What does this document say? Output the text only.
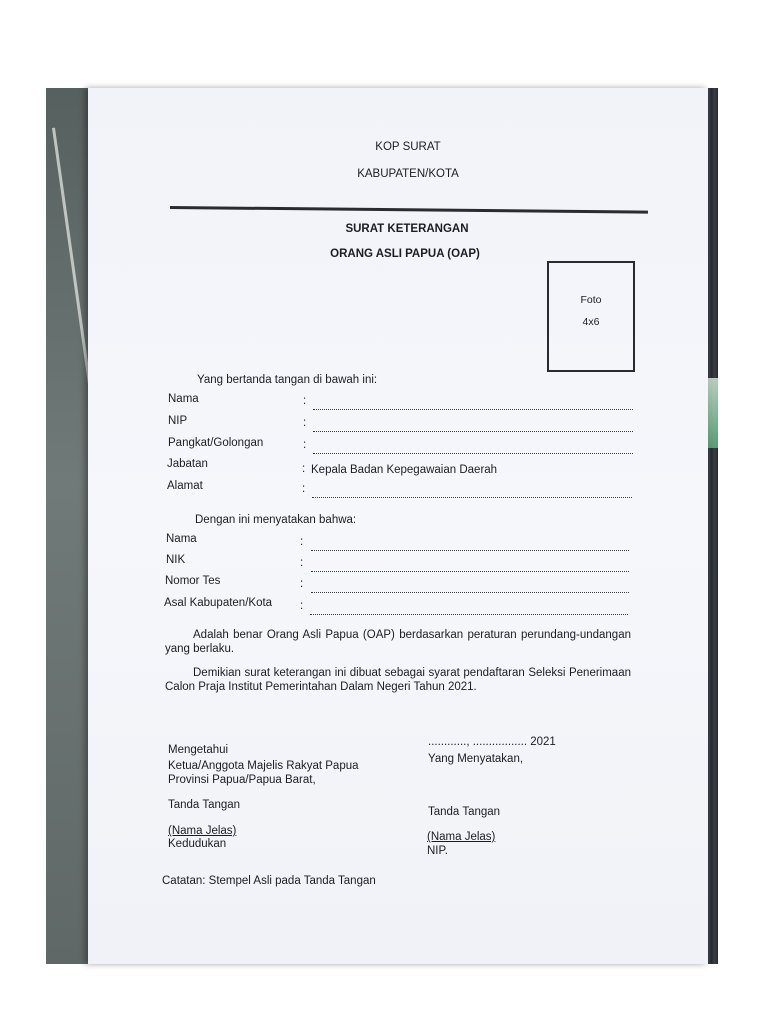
KOP SURAT
KABUPATEN/KOTA
SURAT KETERANGAN
ORANG ASLI PAPUA (OAP)
Foto
4x6
Yang bertanda tangan di bawah ini:
Nama	:
NIP	:
Pangkat/Golongan	:
Jabatan	: Kepala Badan Kepegawaian Daerah
Alamat	:
Dengan ini menyatakan bahwa:
Nama	:
NIK	:
Nomor Tes	:
Asal Kabupaten/Kota :
Adalah benar Orang Asli Papua (OAP) berdasarkan peraturan perundang-undangan yang berlaku.
Demikian surat keterangan ini dibuat sebagai syarat pendaftaran Seleksi Penerimaan Calon Praja Institut Pemerintahan Dalam Negeri Tahun 2021.
Mengetahui
Ketua/Anggota Majelis Rakyat Papua
Provinsi Papua/Papua Barat,
Tanda Tangan
(Nama Jelas)
Kedudukan
............, ................. 2021
Yang Menyatakan,
Tanda Tangan
(Nama Jelas)
NIP.
Catatan: Stempel Asli pada Tanda Tangan
